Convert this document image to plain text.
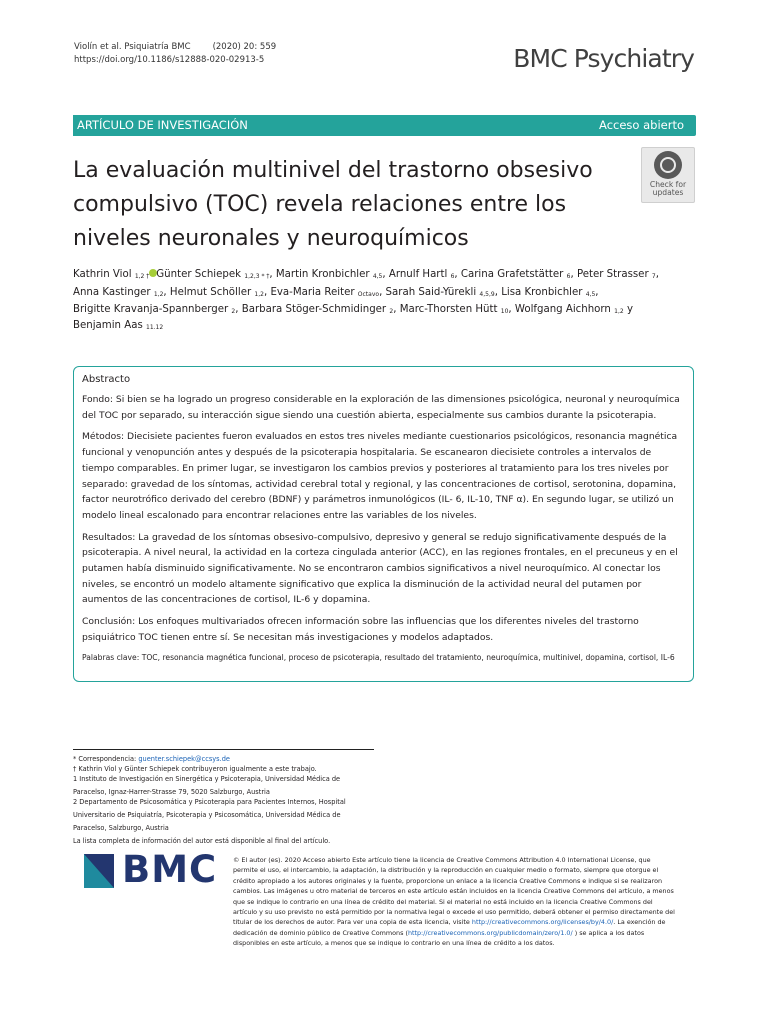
Violín et al. Psiquiatría BMC	(2020) 20: 559
https://doi.org/10.1186/s12888-020-02913-5	BMC Psychiatry
ARTÍCULO DE INVESTIGACIÓN	Acceso abierto
La evaluación multinivel del trastorno obsesivo
compulsivo (TOC) revela relaciones entre los
niveles neuronales y neuroquímicos
Check for
updates
Kathrin Viol $^{1,2 \dagger}$ Günter Schiepek $^{1,2,3 * \dagger}$, Martin Kronbichler $^{4,5}$, Arnulf Hartl $^6$, Carina Grafetstätter $^6$, Peter Strasser $^7$,
Anna Kastinger $^{1,2}$, Helmut Schöller $^{1,2}$, Eva-Maria Reiter $^{Octavo}$, Sarah Said-Yürekli $^{4,5,9}$, Lisa Kronbichler $^{4,5}$,
Brigitte Kravanja-Spannberger $^2$, Barbara Stöger-Schmidinger $^2$, Marc-Thorsten Hütt $^{10}$, Wolfgang Aichhorn $^{1,2}$ y
Benjamin Aas $^{11.12}$
Abstracto

Fondo: Si bien se ha logrado un progreso considerable en la exploración de las dimensiones psicológica, neuronal y neuroquímica del TOC por separado, su interacción sigue siendo una cuestión abierta, especialmente sus cambios durante la psicoterapia.

Métodos: Diecisiete pacientes fueron evaluados en estos tres niveles mediante cuestionarios psicológicos, resonancia magnética funcional y venopunción antes y después de la psicoterapia hospitalaria. Se escanearon diecisiete controles a intervalos de tiempo comparables. En primer lugar, se investigaron los cambios previos y posteriores al tratamiento para los tres niveles por separado: gravedad de los síntomas, actividad cerebral total y regional, y las concentraciones de cortisol, serotonina, dopamina, factor neurotrófico derivado del cerebro (BDNF) y parámetros inmunológicos (IL- 6, IL-10, TNF α). En segundo lugar, se utilizó un modelo lineal escalonado para encontrar relaciones entre las variables de los niveles.

Resultados: La gravedad de los síntomas obsesivo-compulsivo, depresivo y general se redujo significativamente después de la psicoterapia. A nivel neural, la actividad en la corteza cingulada anterior (ACC), en las regiones frontales, en el precuneus y en el putamen había disminuido significativamente. No se encontraron cambios significativos a nivel neuroquímico. Al conectar los niveles, se encontró un modelo altamente significativo que explica la disminución de la actividad neural del putamen por aumentos de las concentraciones de cortisol, IL-6 y dopamina.

Conclusión: Los enfoques multivariados ofrecen información sobre las influencias que los diferentes niveles del trastorno psiquiátrico TOC tienen entre sí. Se necesitan más investigaciones y modelos adaptados.

Palabras clave: TOC, resonancia magnética funcional, proceso de psicoterapia, resultado del tratamiento, neuroquímica, multinivel, dopamina, cortisol, IL-6
* Correspondencia: guenter.schiepek@ccsys.de
† Kathrin Viol y Günter Schiepek contribuyeron igualmente a este trabajo.
1 Instituto de Investigación en Sinergética y Psicoterapia, Universidad Médica de
Paracelso, Ignaz-Harrer-Strasse 79, 5020 Salzburgo, Austria
2 Departamento de Psicosomática y Psicoterapia para Pacientes Internos, Hospital
Universitario de Psiquiatría, Psicoterapia y Psicosomática, Universidad Médica de
Paracelso, Salzburgo, Austria
La lista completa de información del autor está disponible al final del artículo.
BMC © El autor (es). 2020 Acceso abierto Este artículo tiene la licencia de Creative Commons Attribution 4.0 International License, que permite el uso, el intercambio, la adaptación, la distribución y la reproducción en cualquier medio o formato, siempre que otorgue el crédito apropiado a los autores originales y la fuente, proporcione un enlace a la licencia Creative Commons e indique si se realizaron cambios. Las imágenes u otro material de terceros en este artículo están incluidos en la licencia Creative Commons del artículo, a menos que se indique lo contrario en una línea de crédito del material. Si el material no está incluido en la licencia Creative Commons del artículo y su uso previsto no está permitido por la normativa legal o excede el uso permitido, deberá obtener el permiso directamente del titular de los derechos de autor. Para ver una copia de esta licencia, visite http://creativecommons.org/licenses/by/4.0/. La exención de dedicación de dominio público de Creative Commons (http://creativecommons.org/publicdomain/zero/1.0/ ) se aplica a los datos disponibles en este artículo, a menos que se indique lo contrario en una línea de crédito a los datos.
